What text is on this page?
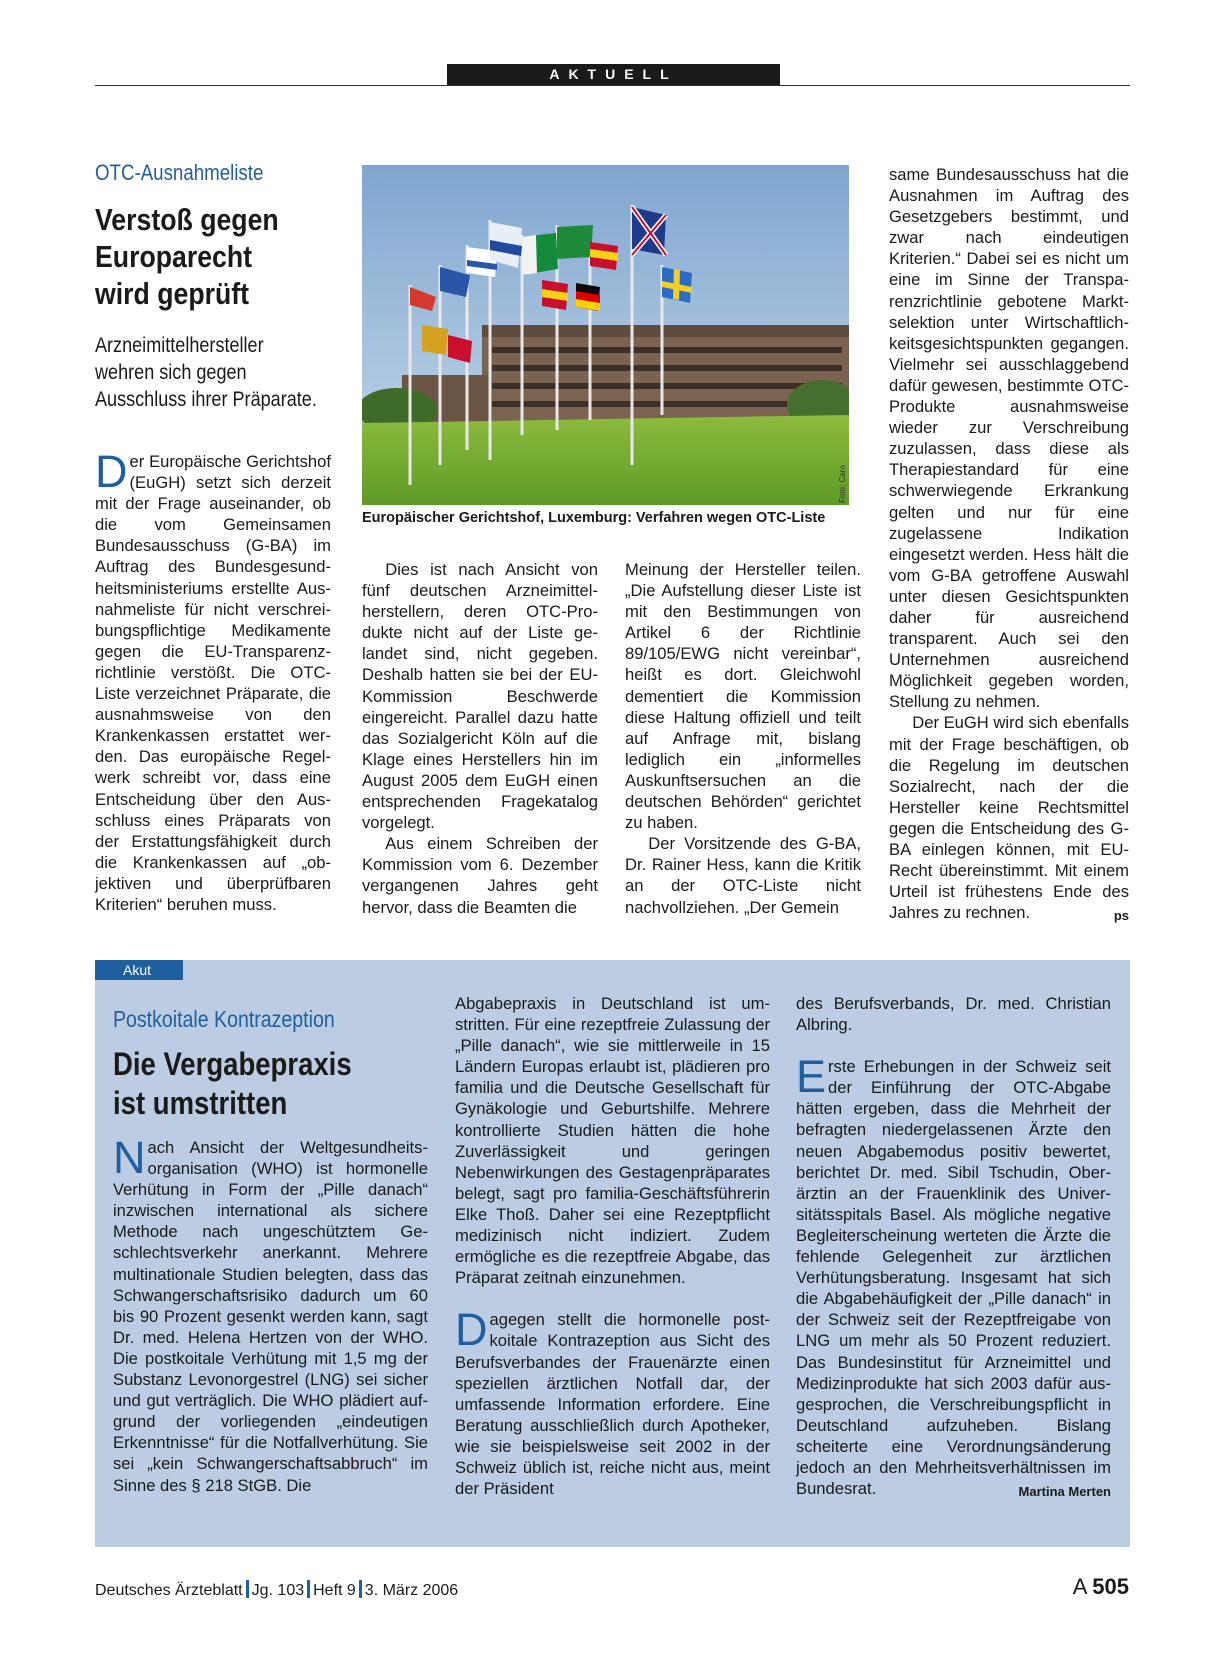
AKTUELL
OTC-Ausnahmeliste
Verstoß gegen
Europarecht
wird geprüft
Arzneimittelhersteller
wehren sich gegen
Ausschluss ihrer Präparate.
Foto: Caro
Europäischer Gerichtshof, Luxemburg: Verfahren wegen OTC-Liste

Der Europäische Gerichtshof (EuGH) setzt sich derzeit mit der Frage auseinander, ob die vom Gemeinsamen Bundesausschuss (G-BA) im Auftrag des Bundesgesundheitsministeriums erstellte Ausnahmeliste für nicht verschreibungspflichtige Medikamente gegen die EU-Transparenzrichtlinie verstößt. Die OTC-Liste verzeichnet Präparate, die ausnahmsweise von den Krankenkassen erstattet werden. Das europäische Regelwerk schreibt vor, dass eine Entscheidung über den Ausschluss eines Präparats von der Erstattungsfähigkeit durch die Krankenkassen auf „objektiven und überprüfbaren Kriterien“ beruhen muss.

Dies ist nach Ansicht von fünf deutschen Arzneimittelherstellern, deren OTC-Produkte nicht auf der Liste gelandet sind, nicht gegeben. Deshalb hatten sie bei der EU-Kommission Beschwerde eingereicht. Parallel dazu hatte das Sozialgericht Köln auf die Klage eines Herstellers hin im August 2005 dem EuGH einen entsprechenden Fragekatalog vorgelegt.

Aus einem Schreiben der Kommission vom 6. Dezember vergangenen Jahres geht hervor, dass die Beamten die

Meinung der Hersteller teilen. „Die Aufstellung dieser Liste ist mit den Bestimmungen von Artikel 6 der Richtlinie 89/105/EWG nicht vereinbar“, heißt es dort. Gleichwohl dementiert die Kommission diese Haltung offiziell und teilt auf Anfrage mit, bislang lediglich ein „informelles Auskunftsersuchen an die deutschen Behörden“ gerichtet zu haben.

Der Vorsitzende des G-BA, Dr. Rainer Hess, kann die Kritik an der OTC-Liste nicht nachvollziehen. „Der Gemein

same Bundesausschuss hat die Ausnahmen im Auftrag des Gesetzgebers bestimmt, und zwar nach eindeutigen Kriterien.“ Dabei sei es nicht um eine im Sinne der Transparenzrichtlinie gebotene Marktselektion unter Wirtschaftlichkeitsgesichtspunkten gegangen. Vielmehr sei ausschlaggebend dafür gewesen, bestimmte OTC-Produkte ausnahmsweise wieder zur Verschreibung zuzulassen, dass diese als Therapiestandard für eine schwerwiegende Erkrankung gelten und nur für eine zugelassene Indikation eingesetzt werden. Hess hält die vom G-BA getroffene Auswahl unter diesen Gesichtspunkten daher für ausreichend transparent. Auch sei den Unternehmen ausreichend Möglichkeit gegeben worden, Stellung zu nehmen.

Der EuGH wird sich ebenfalls mit der Frage beschäftigen, ob die Regelung im deutschen Sozialrecht, nach der die Hersteller keine Rechtsmittel gegen die Entscheidung des G-BA einlegen können, mit EU-Recht übereinstimmt. Mit einem Urteil ist frühestens Ende des Jahres zu rechnen.	ps

Akut
Postkoitale Kontrazeption
Die Vergabepraxis
ist umstritten

Nach Ansicht der Weltgesundheitsorganisation (WHO) ist hormonelle Verhütung in Form der „Pille danach“ inzwischen international als sichere Methode nach ungeschütztem Geschlechtsverkehr anerkannt. Mehrere multinationale Studien belegten, dass das Schwangerschaftsrisiko dadurch um 60 bis 90 Prozent gesenkt werden kann, sagt Dr. med. Helena Hertzen von der WHO. Die postkoitale Verhütung mit 1,5 mg der Substanz Levonorgestrel (LNG) sei sicher und gut verträglich. Die WHO plädiert aufgrund der vorliegenden „eindeutigen Erkenntnisse“ für die Notfallverhütung. Sie sei „kein Schwangerschaftsabbruch“ im Sinne des § 218 StGB. Die

Abgabepraxis in Deutschland ist umstritten. Für eine rezeptfreie Zulassung der „Pille danach“, wie sie mittlerweile in 15 Ländern Europas erlaubt ist, plädieren pro familia und die Deutsche Gesellschaft für Gynäkologie und Geburtshilfe. Mehrere kontrollierte Studien hätten die hohe Zuverlässigkeit und geringen Nebenwirkungen des Gestagenpräparates belegt, sagt pro familia-Geschäftsführerin Elke Thoß. Daher sei eine Rezeptpflicht medizinisch nicht indiziert. Zudem ermögliche es die rezeptfreie Abgabe, das Präparat zeitnah einzunehmen.

Dagegen stellt die hormonelle postkoitale Kontrazeption aus Sicht des Berufsverbandes der Frauenärzte einen speziellen ärztlichen Notfall dar, der umfassende Information erfordere. Eine Beratung ausschließlich durch Apotheker, wie sie beispielsweise seit 2002 in der Schweiz üblich ist, reiche nicht aus, meint der Präsident

des Berufsverbands, Dr. med. Christian Albring.

Erste Erhebungen in der Schweiz seit der Einführung der OTC-Abgabe hätten ergeben, dass die Mehrheit der befragten niedergelassenen Ärzte den neuen Abgabemodus positiv bewertet, berichtet Dr. med. Sibil Tschudin, Oberärztin an der Frauenklinik des Universitätsspitals Basel. Als mögliche negative Begleiterscheinung werteten die Ärzte die fehlende Gelegenheit zur ärztlichen Verhütungsberatung. Insgesamt hat sich die Abgabehäufigkeit der „Pille danach“ in der Schweiz seit der Rezeptfreigabe von LNG um mehr als 50 Prozent reduziert. Das Bundesinstitut für Arzneimittel und Medizinprodukte hat sich 2003 dafür ausgesprochen, die Verschreibungspflicht in Deutschland aufzuheben. Bislang scheiterte eine Verordnungsänderung jedoch an den Mehrheitsverhältnissen im Bundesrat.	Martina Merten

Deutsches Ärzteblatt Jg. 103 Heft 9 3. März 2006	A 505
